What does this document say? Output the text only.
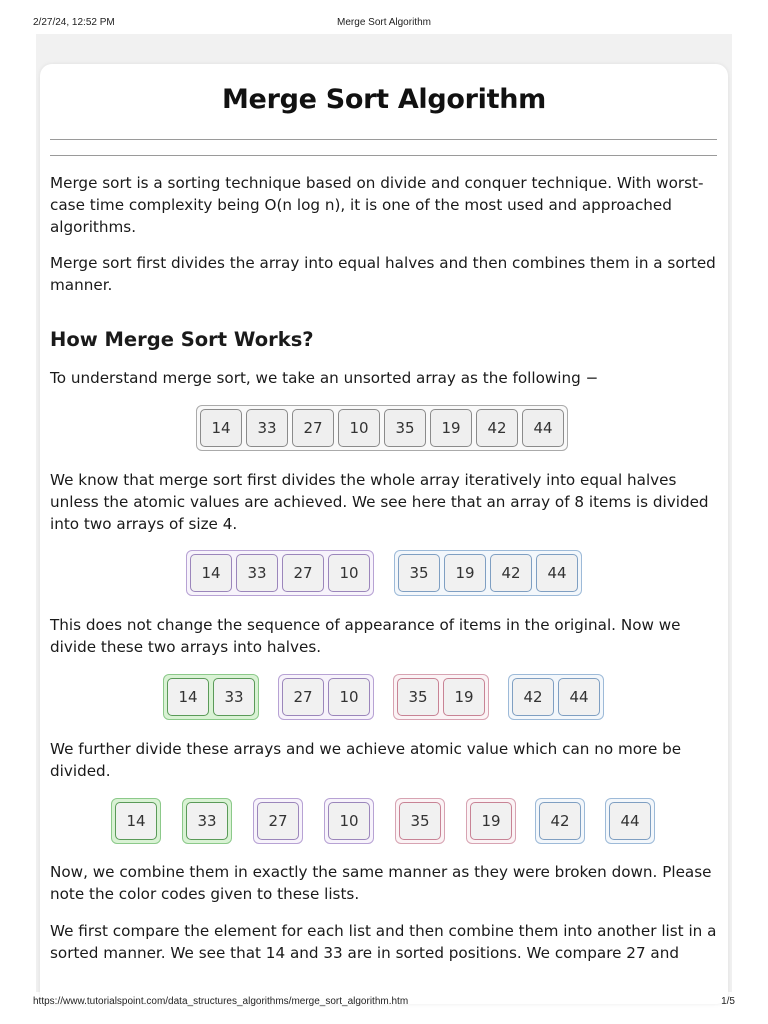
2/27/24, 12:52 PM	Merge Sort Algorithm
Merge Sort Algorithm

Merge sort is a sorting technique based on divide and conquer technique. With worst-case time complexity being O(n log n), it is one of the most used and approached algorithms.

Merge sort first divides the array into equal halves and then combines them in a sorted manner.

How Merge Sort Works?

To understand merge sort, we take an unsorted array as the following −

14	33	27	10	35	19	42	44

We know that merge sort first divides the whole array iteratively into equal halves unless the atomic values are achieved. We see here that an array of 8 items is divided into two arrays of size 4.

14	33	27	10	35	19	42	44

This does not change the sequence of appearance of items in the original. Now we divide these two arrays into halves.

14	33	27	10	35	19	42	44

We further divide these arrays and we achieve atomic value which can no more be divided.

14	33	27	10	35	19	42	44

Now, we combine them in exactly the same manner as they were broken down. Please note the color codes given to these lists.

We first compare the element for each list and then combine them into another list in a sorted manner. We see that 14 and 33 are in sorted positions. We compare 27 and

https://www.tutorialspoint.com/data_structures_algorithms/merge_sort_algorithm.htm	1/5
